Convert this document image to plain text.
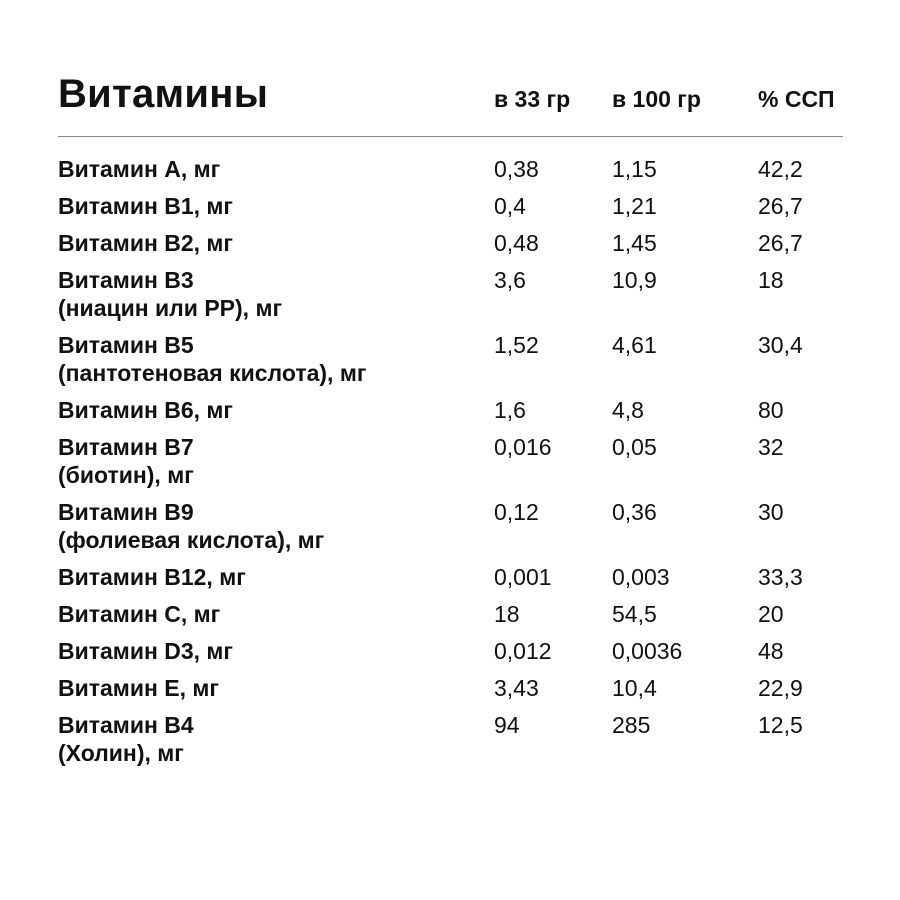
Витамины	в 33 гр в 100 гр % ССП
Витамин A, мг	0,38	1,15	42,2
Витамин B1, мг	0,4	1,21	26,7
Витамин B2, мг	0,48	1,45	26,7
Витамин B3
(ниацин или PP), мг
3,6	10,9	18
Витамин B5
(пантотеновая кислота), мг
1,52	4,61	30,4
Витамин B6, мг	1,6	4,8	80
Витамин B7
(биотин), мг
0,016	0,05	32
Витамин B9
(фолиевая кислота), мг
0,12	0,36	30
Витамин B12, мг	0,001	0,003	33,3
Витамин C, мг	18	54,5	20
Витамин D3, мг	0,012	0,0036	48
Витамин E, мг	3,43	10,4	22,9
Витамин B4
(Холин), мг
94	285	12,5
